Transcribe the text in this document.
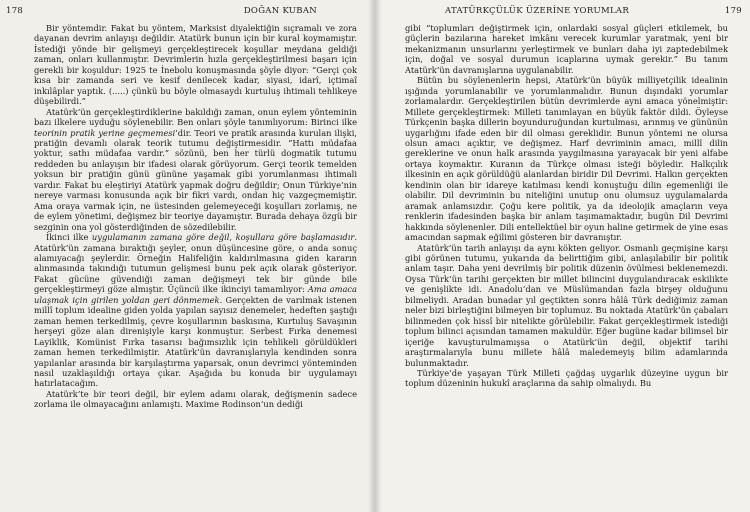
178	DOĞAN KUBAN

Bir yöntemdir. Fakat bu yöntem, Marksist diyalektiğin sıçramalı ve zora dayanan devrim anlayışı değildir. Atatürk bunun için bir kural koymamıştır. İstediği yönde bir gelişmeyi gerçekleştirecek koşullar meydana geldiği zaman, onları kullanmıştır. Devrimlerin hızla gerçekleştirilmesi başarı için gerekli bir koşuldur: 1925 te İnebolu konuşmasında şöyle diyor: “Gerçi çok kısa bir zamanda seri ve kesif denilecek kadar, siyasi, idarî, içtimaî inkılâplar yaptık. (.....) çünkü bu böyle olmasaydı kurtuluş ihtimali tehlikeye düşebilirdi.”

Atatürk’ün gerçekleştirdiklerine bakıldığı zaman, onun eylem yönteminin bazı ilkelere uyduğu söylenebilir. Ben onları şöyle tanımlıyorum: Birinci ilke teorinin pratik yerine geçmemesi’dir. Teori ve pratik arasında kurulan ilişki, pratiğin devamlı olarak teorik tutumu değiştirmesidir. “Hattı müdafaa yoktur, sathı müdafaa vardır.” sözünü, ben her türlü dogmatik tutumu reddeden bu anlayışın bir ifadesi olarak görüyorum. Gerçi teorik temelden yoksun bir pratiğin günü gününe yaşamak gibi yorumlanması ihtimali vardır. Fakat bu eleştiriyi Atatürk yapmak doğru değildir; Onun Türkiye’nin nereye varması konusunda açık bir fikri vardı, ondan hiç vazgeçmemiştir. Ama oraya varmak için, ne üstesinden gelemeyeceği koşulları zorlamış, ne de eylem yönetimi, değişmez bir teoriye dayamıştır. Burada dehaya özgü bir sezginin ona yol gösterdiğinden de sözedilebilir.

İkinci ilke uygulamanın zamana göre değil, koşullara göre başlamasıdır. Atatürk’ün zamana bıraktığı şeyler, onun düşüncesine göre, o anda sonuç alamıyacağı şeylerdir. Örneğin Halifeliğin kaldırılmasına giden kararın alınmasında takındığı tutumun gelişmesi bunu pek açık olarak gösteriyor. Fakat gücüne güvendiği zaman değişmeyi tek bir günde bile gerçekleştirmeyi göze almıştır. Üçüncü ilke ikinciyi tamamlıyor: Ama amaca ulaşmak için girilen yoldan geri dönmemek. Gerçekten de varılmak istenen millî toplum idealine giden yolda yapılan sayısız denemeler, hedeften şaştığı zaman hemen terkedilmiş, çevre koşullarının baskısına, Kurtuluş Savaşının herşeyi göze alan direnişiyle karşı konmuştur. Serbest Fırka denemesi Layiklik, Komünist Fırka tasarısı bağımsızlık için tehlikeli görüldükleri zaman hemen terkedilmiştir. Atatürk’ün davranışlarıyla kendinden sonra yapılanlar arasında bir karşılaştırma yaparsak, onun devrimci yönteminden nasıl uzaklaşıldığı ortaya çıkar. Aşağıda bu konuda bir uygulamayı hatırlatacağım.

Atatürk’te bir teori değil, bir eylem adamı olarak, değişmenin sadece zorlama ile olmayacağını anlamıştı. Maxime Rodinson’un dediği

ATATÜRKÇÜLÜK ÜZERİNE YORUMLAR	179

gibi “toplumları değiştirmek için, onlardaki sosyal güçleri etkilemek, bu güçlerin bazılarına hareket imkânı verecek kurumlar yaratmak, yeni bir mekanizmanın unsurlarını yerleştirmek ve bunları daha iyi zaptedebilmek için, doğal ve sosyal durumun icaplarına uymak gerekir.” Bu tanım Atatürk’ün davranışlarına uygulanabilir.

Bütün bu söylenenlerin hepsi, Atatürk’ün büyük milliyetçilik idealinin ışığında yorumlanabilir ve yorumlanmalıdır. Bunun dışındaki yorumlar zorlamalardır. Gerçekleştirilen bütün devrimlerde ayni amaca yönelmiştir: Millete gerçekleştirmek: Milleti tanımlayan en büyük faktör dildi. Öyleyse Türkçenin başka dillerin boyunduruğundan kurtulması, arınmış ve gününün uygarlığını ifade eden bir dil olması gereklidir. Bunun yöntemi ne olursa olsun amacı açıktır, ve değişmez. Harf devriminin amacı, millî dilin gereklerine ve onun halk arasında yaygılmasına yarayacak bir yeni alfabe ortaya koymaktır. Kuranın da Türkçe olması isteği böyledir. Halkçılık ilkesinin en açık görüldüğü alanlardan biridir Dil Devrimi. Halkın gerçekten kendinin olan bir idareye katılması kendi konuştuğu dilin egemenliği ile olabilir. Dil devriminin bu niteliğini unutup onu olumsuz uygulamalarda aramak anlamsızdır. Çoğu kere politik, ya da ideolojik amaçların veya renklerin ifadesinden başka bir anlam taşımamaktadır, bugün Dil Devrimi hakkında söylenenler. Dili entellektüel bir oyun haline getirmek de yine esas amacından sapmak eğilimi gösteren bir davranıştır.

Atatürk’ün tarih anlayışı da aynı kökten geliyor. Osmanlı geçmişine karşı gibi görünen tutumu, yukarıda da belirttiğim gibi, anlaşılabilir bir politik anlam taşır. Daha yeni devrilmiş bir politik düzenin övülmesi beklenemezdi. Oysa Türk’ün tarihi gerçekten bir millet bilincini duygulandıracak eskilikte ve genişlikte idi. Anadolu’dan ve Müslümandan fazla birşey olduğunu bilmeliydi. Aradan bunadar yıl geçtikten sonra hâlâ Türk dediğimiz zaman neler bizi birleştiğini bilmeyen bir toplumuz. Bu noktada Atatürk’ün çabaları bilinmeden çok hissî bir nitelikte görülebilir. Fakat gerçekleştirmek istediği toplum bilinci açısından tamamen makuldür. Eğer bugüne kadar bilimsel bir içeriğe kavuşturulmamışsa o Atatürk’ün değil, objektif tarihi araştırmalarıyla bunu millete hâlâ maledemeyiş bilim adamlarında bulunmaktadır.

Türkiye’de yaşayan Türk Milleti çağdaş uygarlık düzeyine uygun bir toplum düzeninin hukukî araçlarına da sahip olmalıydı. Bu
